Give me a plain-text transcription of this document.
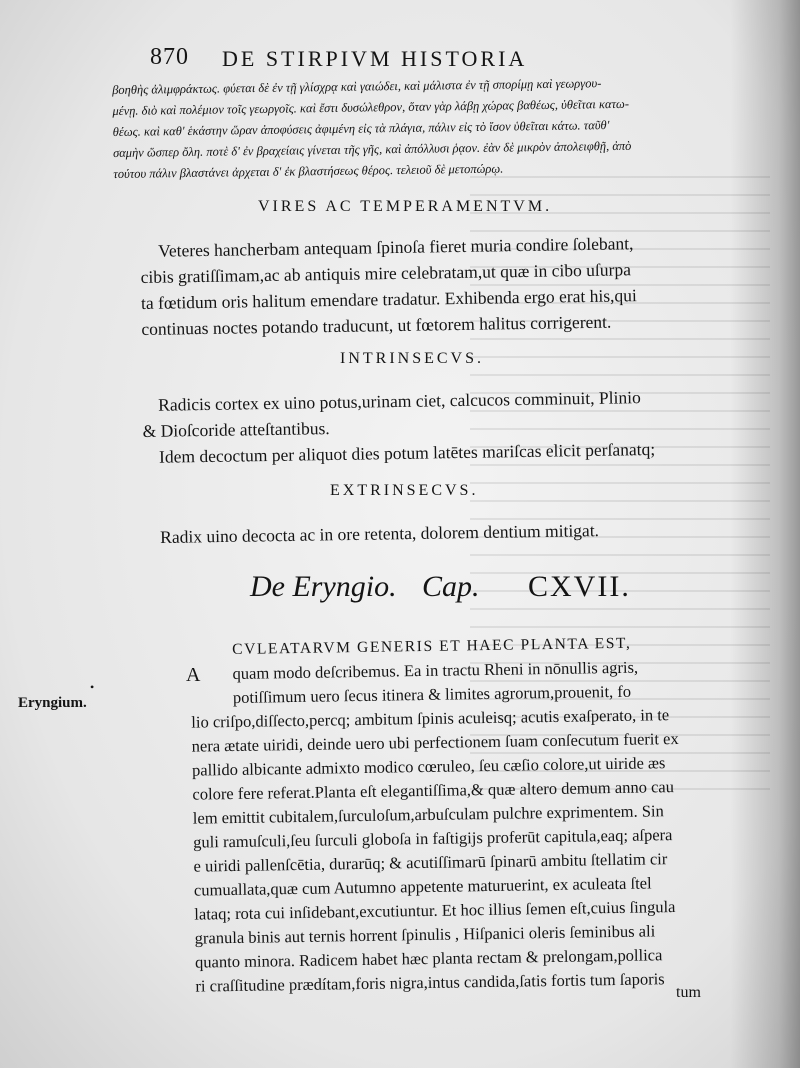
870 DE STIRPIVM HISTORIA
βοηθὴς ἀλιμφράκτως. φύεται δὲ ἐν τῇ γλίσχρᾳ καὶ γαιώδει, καὶ μάλιστα ἐν τῇ σπορίμῃ καὶ γεωργου-
μένῃ. διὸ καὶ πολέμιον τοῖς γεωργοῖς. καὶ ἔστι δυσώλεθρον, ὅταν γὰρ λάβῃ χώρας βαθέως, ὑθεῖται κατω-
θέως. καὶ καθ' ἑκάστην ὥραν ἀποφύσεις ἀφιμένη εἰς τὰ πλάγια, πάλιν εἰς τὸ ἴσον ὑθεῖται κάτω. ταῦθ'
σαμὴν ὥσπερ ὄλη. ποτὲ δ' ἐν βραχείαις γίνεται τῆς γῆς, καὶ ἀπόλλυσι ῥᾳον. ἐὰν δὲ μικρὸν ἀπολειφθῇ, ἀπὸ
τούτου πάλιν βλαστάνει ἀρχεται δ' ἐκ βλαστήσεως θέρος. τελειοῦ δὲ μετοπώρῳ.
VIRES AC TEMPERAMENTVM.
Veteres hancherbam antequam ſpinoſa fieret muria condire ſolebant,
cibis gratiſſimam,ac ab antiquis mire celebratam,ut quæ in cibo uſurpa
ta fœtidum oris halitum emendare tradatur. Exhibenda ergo erat his,qui
continuas noctes potando traducunt, ut fœtorem halitus corrigerent.
INTRINSECVS.
Radicis cortex ex uino potus,urinam ciet, calcucos comminuit, Plinio
& Dioſcoride atteſtantibus.
Idem decoctum per aliquot dies potum latētes mariſcas elicit perſanatq;
EXTRINSECVS.
Radix uino decocta ac in ore retenta, dolorem dentium mitigat.
De Eryngio. Cap. CXVII.
•
Eryngium.
A
CVLEATARVM GENERIS ET HAEC PLANTA EST,
quam modo deſcribemus. Ea in tractu Rheni in nōnullis agris,
potiſſimum uero ſecus itinera & limites agrorum,prouenit, fo
lio criſpo,diſſecto,percq; ambitum ſpinis aculeisq; acutis exaſperato, in te
nera ætate uiridi, deinde uero ubi perfectionem ſuam conſecutum fuerit ex
pallido albicante admixto modico cœruleo, ſeu cæſio colore,ut uiride æs
colore fere referat.Planta eſt elegantiſſima,& quæ altero demum anno cau
lem emittit cubitalem,ſurculoſum,arbuſculam pulchre exprimentem. Sin
guli ramuſculi,ſeu ſurculi globoſa in faſtigijs proferūt capitula,eaq; aſpera
e uiridi pallenſcētia, durarūq; & acutiſſimarū ſpinarū ambitu ſtellatim cir
cumuallata,quæ cum Autumno appetente maturuerint, ex aculeata ſtel
lataq; rota cui inſidebant,excutiuntur. Et hoc illius ſemen eſt,cuius ſingula
granula binis aut ternis horrent ſpinulis , Hiſpanici oleris ſeminibus ali
quanto minora. Radicem habet hæc planta rectam & prelongam,pollica
ri craſſitudine prædítam,foris nigra,intus candida,ſatis fortis tum ſaporis tum
